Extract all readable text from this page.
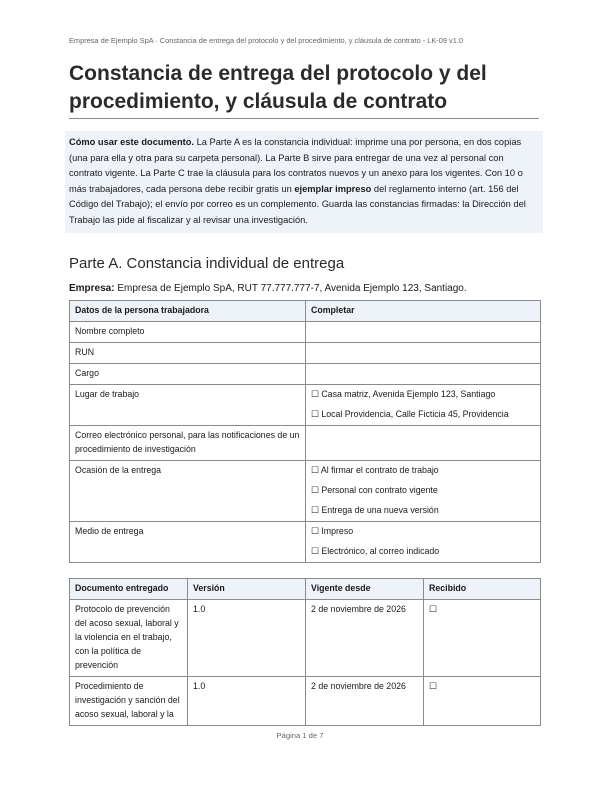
Empresa de Ejemplo SpA · Constancia de entrega del protocolo y del procedimiento, y cláusula de contrato - LK-09 v1.0
Constancia de entrega del protocolo y del procedimiento, y cláusula de contrato
Cómo usar este documento. La Parte A es la constancia individual: imprime una por persona, en dos copias (una para ella y otra para su carpeta personal). La Parte B sirve para entregar de una vez al personal con contrato vigente. La Parte C trae la cláusula para los contratos nuevos y un anexo para los vigentes. Con 10 o más trabajadores, cada persona debe recibir gratis un ejemplar impreso del reglamento interno (art. 156 del Código del Trabajo); el envío por correo es un complemento. Guarda las constancias firmadas: la Dirección del Trabajo las pide al fiscalizar y al revisar una investigación.
Parte A. Constancia individual de entrega
Empresa: Empresa de Ejemplo SpA, RUT 77.777.777-7, Avenida Ejemplo 123, Santiago.
Datos de la persona trabajadora	Completar
Nombre completo	
RUN	
Cargo	
Lugar de trabajo	☐ Casa matriz, Avenida Ejemplo 123, Santiago
☐ Local Providencia, Calle Ficticia 45, Providencia

Correo electrónico personal, para las notificaciones de un procedimiento de investigación	
Ocasión de la entrega	☐ Al firmar el contrato de trabajo
☐ Personal con contrato vigente
☐ Entrega de una nueva versión

Medio de entrega	☐ Impreso
☐ Electrónico, al correo indicado
Documento entregado	Versión	Vigente desde	Recibido
Protocolo de prevención del acoso sexual, laboral y la violencia en el trabajo, con la política de prevención	1.0	2 de noviembre de 2026	☐
Procedimiento de investigación y sanción del acoso sexual, laboral y la	1.0	2 de noviembre de 2026	☐
Página 1 de 7
